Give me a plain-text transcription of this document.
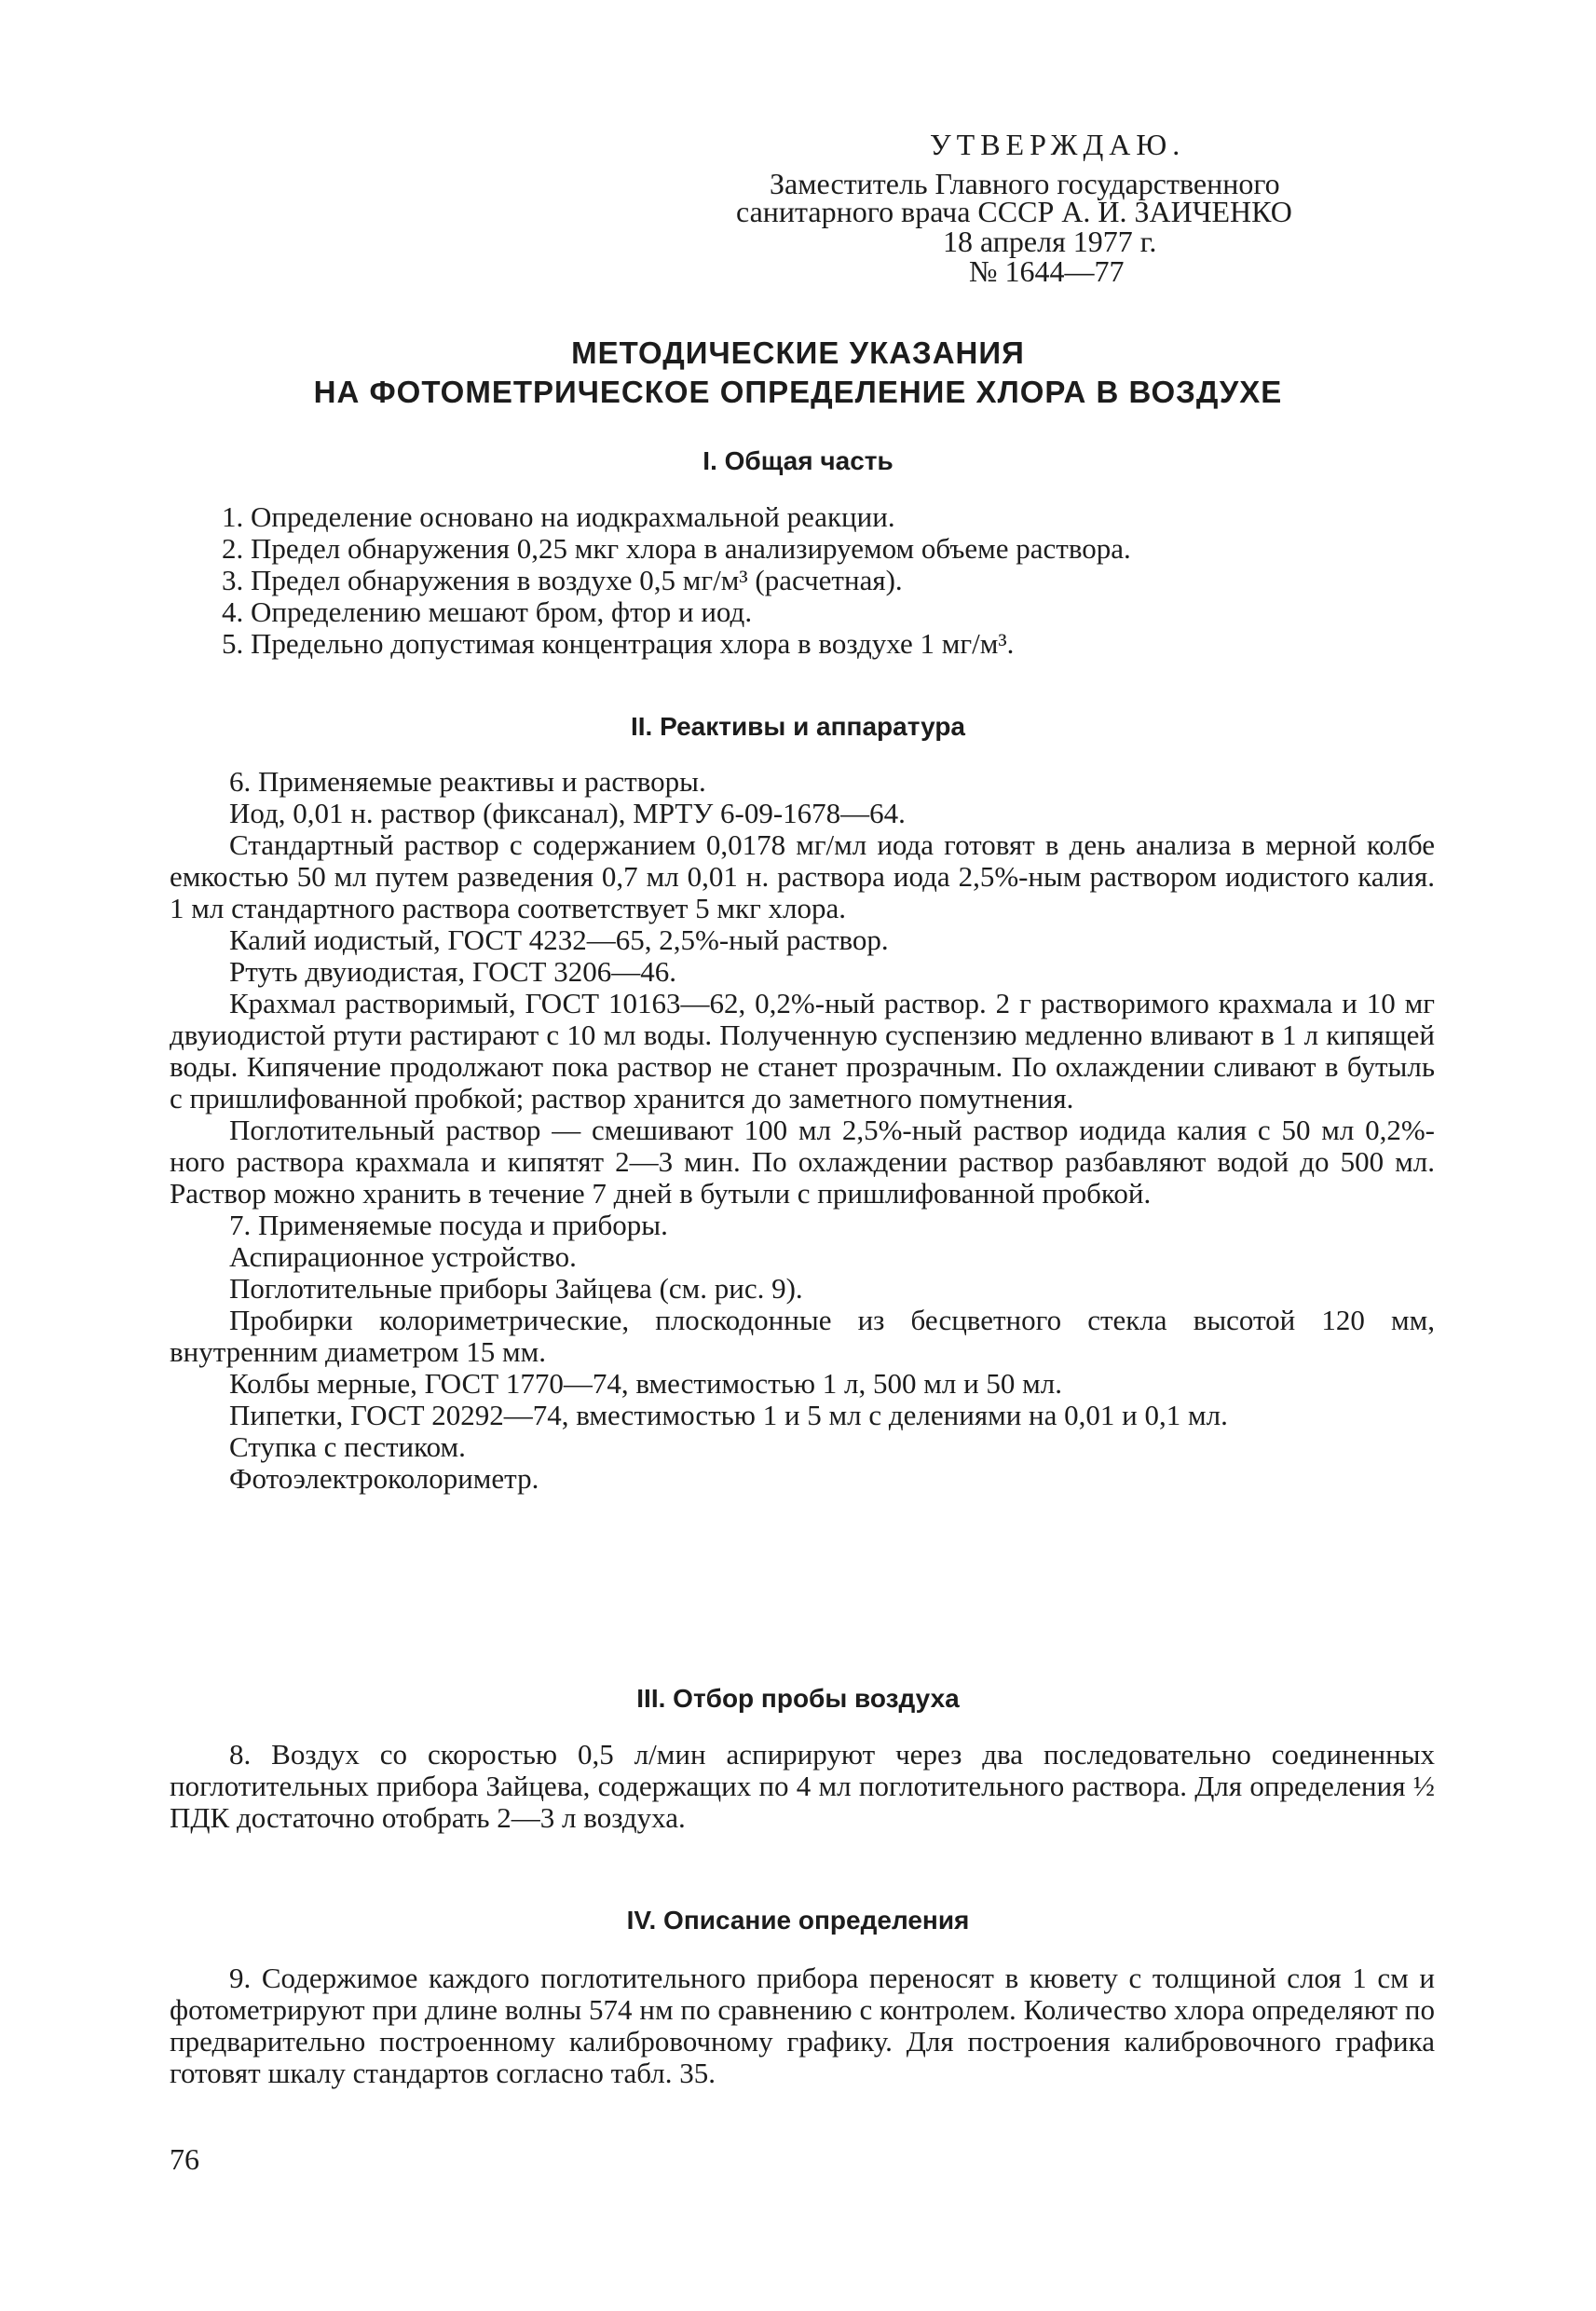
УТВЕРЖДАЮ.
Заместитель Главного государственного
санитарного врача СССР А. И. ЗАИЧЕНКО
18 апреля 1977 г.
№ 1644—77
МЕТОДИЧЕСКИЕ УКАЗАНИЯ
НА ФОТОМЕТРИЧЕСКОЕ ОПРЕДЕЛЕНИЕ ХЛОРА В ВОЗДУХЕ
I. Общая часть

1. Определение основано на иодкрахмальной реакции.

2. Предел обнаружения 0,25 мкг хлора в анализируемом объеме раствора.

3. Предел обнаружения в воздухе 0,5 мг/м³ (расчетная).

4. Определению мешают бром, фтор и иод.

5. Предельно допустимая концентрация хлора в воздухе 1 мг/м³.

II. Реактивы и аппаратура

6. Применяемые реактивы и растворы.

Иод, 0,01 н. раствор (фиксанал), МРТУ 6-09-1678—64.

Стандартный раствор с содержанием 0,0178 мг/мл иода готовят в день анализа в мерной колбе емкостью 50 мл путем разведения 0,7 мл 0,01 н. раствора иода 2,5%-ным раствором иодистого калия. 1 мл стандартного раствора соответствует 5 мкг хлора.

Калий иодистый, ГОСТ 4232—65, 2,5%-ный раствор.

Ртуть двуиодистая, ГОСТ 3206—46.

Крахмал растворимый, ГОСТ 10163—62, 0,2%-ный раствор. 2 г растворимого крахмала и 10 мг двуиодистой ртути растирают с 10 мл воды. Полученную суспензию медленно вливают в 1 л кипящей воды. Кипячение продолжают пока раствор не станет прозрачным. По охлаждении сливают в бутыль с пришлифованной пробкой; раствор хранится до заметного помутнения.

Поглотительный раствор — смешивают 100 мл 2,5%-ный раствор иодида калия с 50 мл 0,2%-ного раствора крахмала и кипятят 2—3 мин. По охлаждении раствор разбавляют водой до 500 мл. Раствор можно хранить в течение 7 дней в бутыли с пришлифованной пробкой.

7. Применяемые посуда и приборы.

Аспирационное устройство.

Поглотительные приборы Зайцева (см. рис. 9).

Пробирки колориметрические, плоскодонные из бесцветного стекла высотой 120 мм, внутренним диаметром 15 мм.

Колбы мерные, ГОСТ 1770—74, вместимостью 1 л, 500 мл и 50 мл.

Пипетки, ГОСТ 20292—74, вместимостью 1 и 5 мл с делениями на 0,01 и 0,1 мл.

Ступка с пестиком.

Фотоэлектроколориметр.

III. Отбор пробы воздуха

8. Воздух со скоростью 0,5 л/мин аспирируют через два последовательно соединенных поглотительных прибора Зайцева, содержащих по 4 мл поглотительного раствора. Для определения ½ ПДК достаточно отобрать 2—3 л воздуха.

IV. Описание определения

9. Содержимое каждого поглотительного прибора переносят в кювету с толщиной слоя 1 см и фотометрируют при длине волны 574 нм по сравнению с контролем. Количество хлора определяют по предварительно построенному калибровочному графику. Для построения калибровочного графика готовят шкалу стандартов согласно табл. 35.

76
